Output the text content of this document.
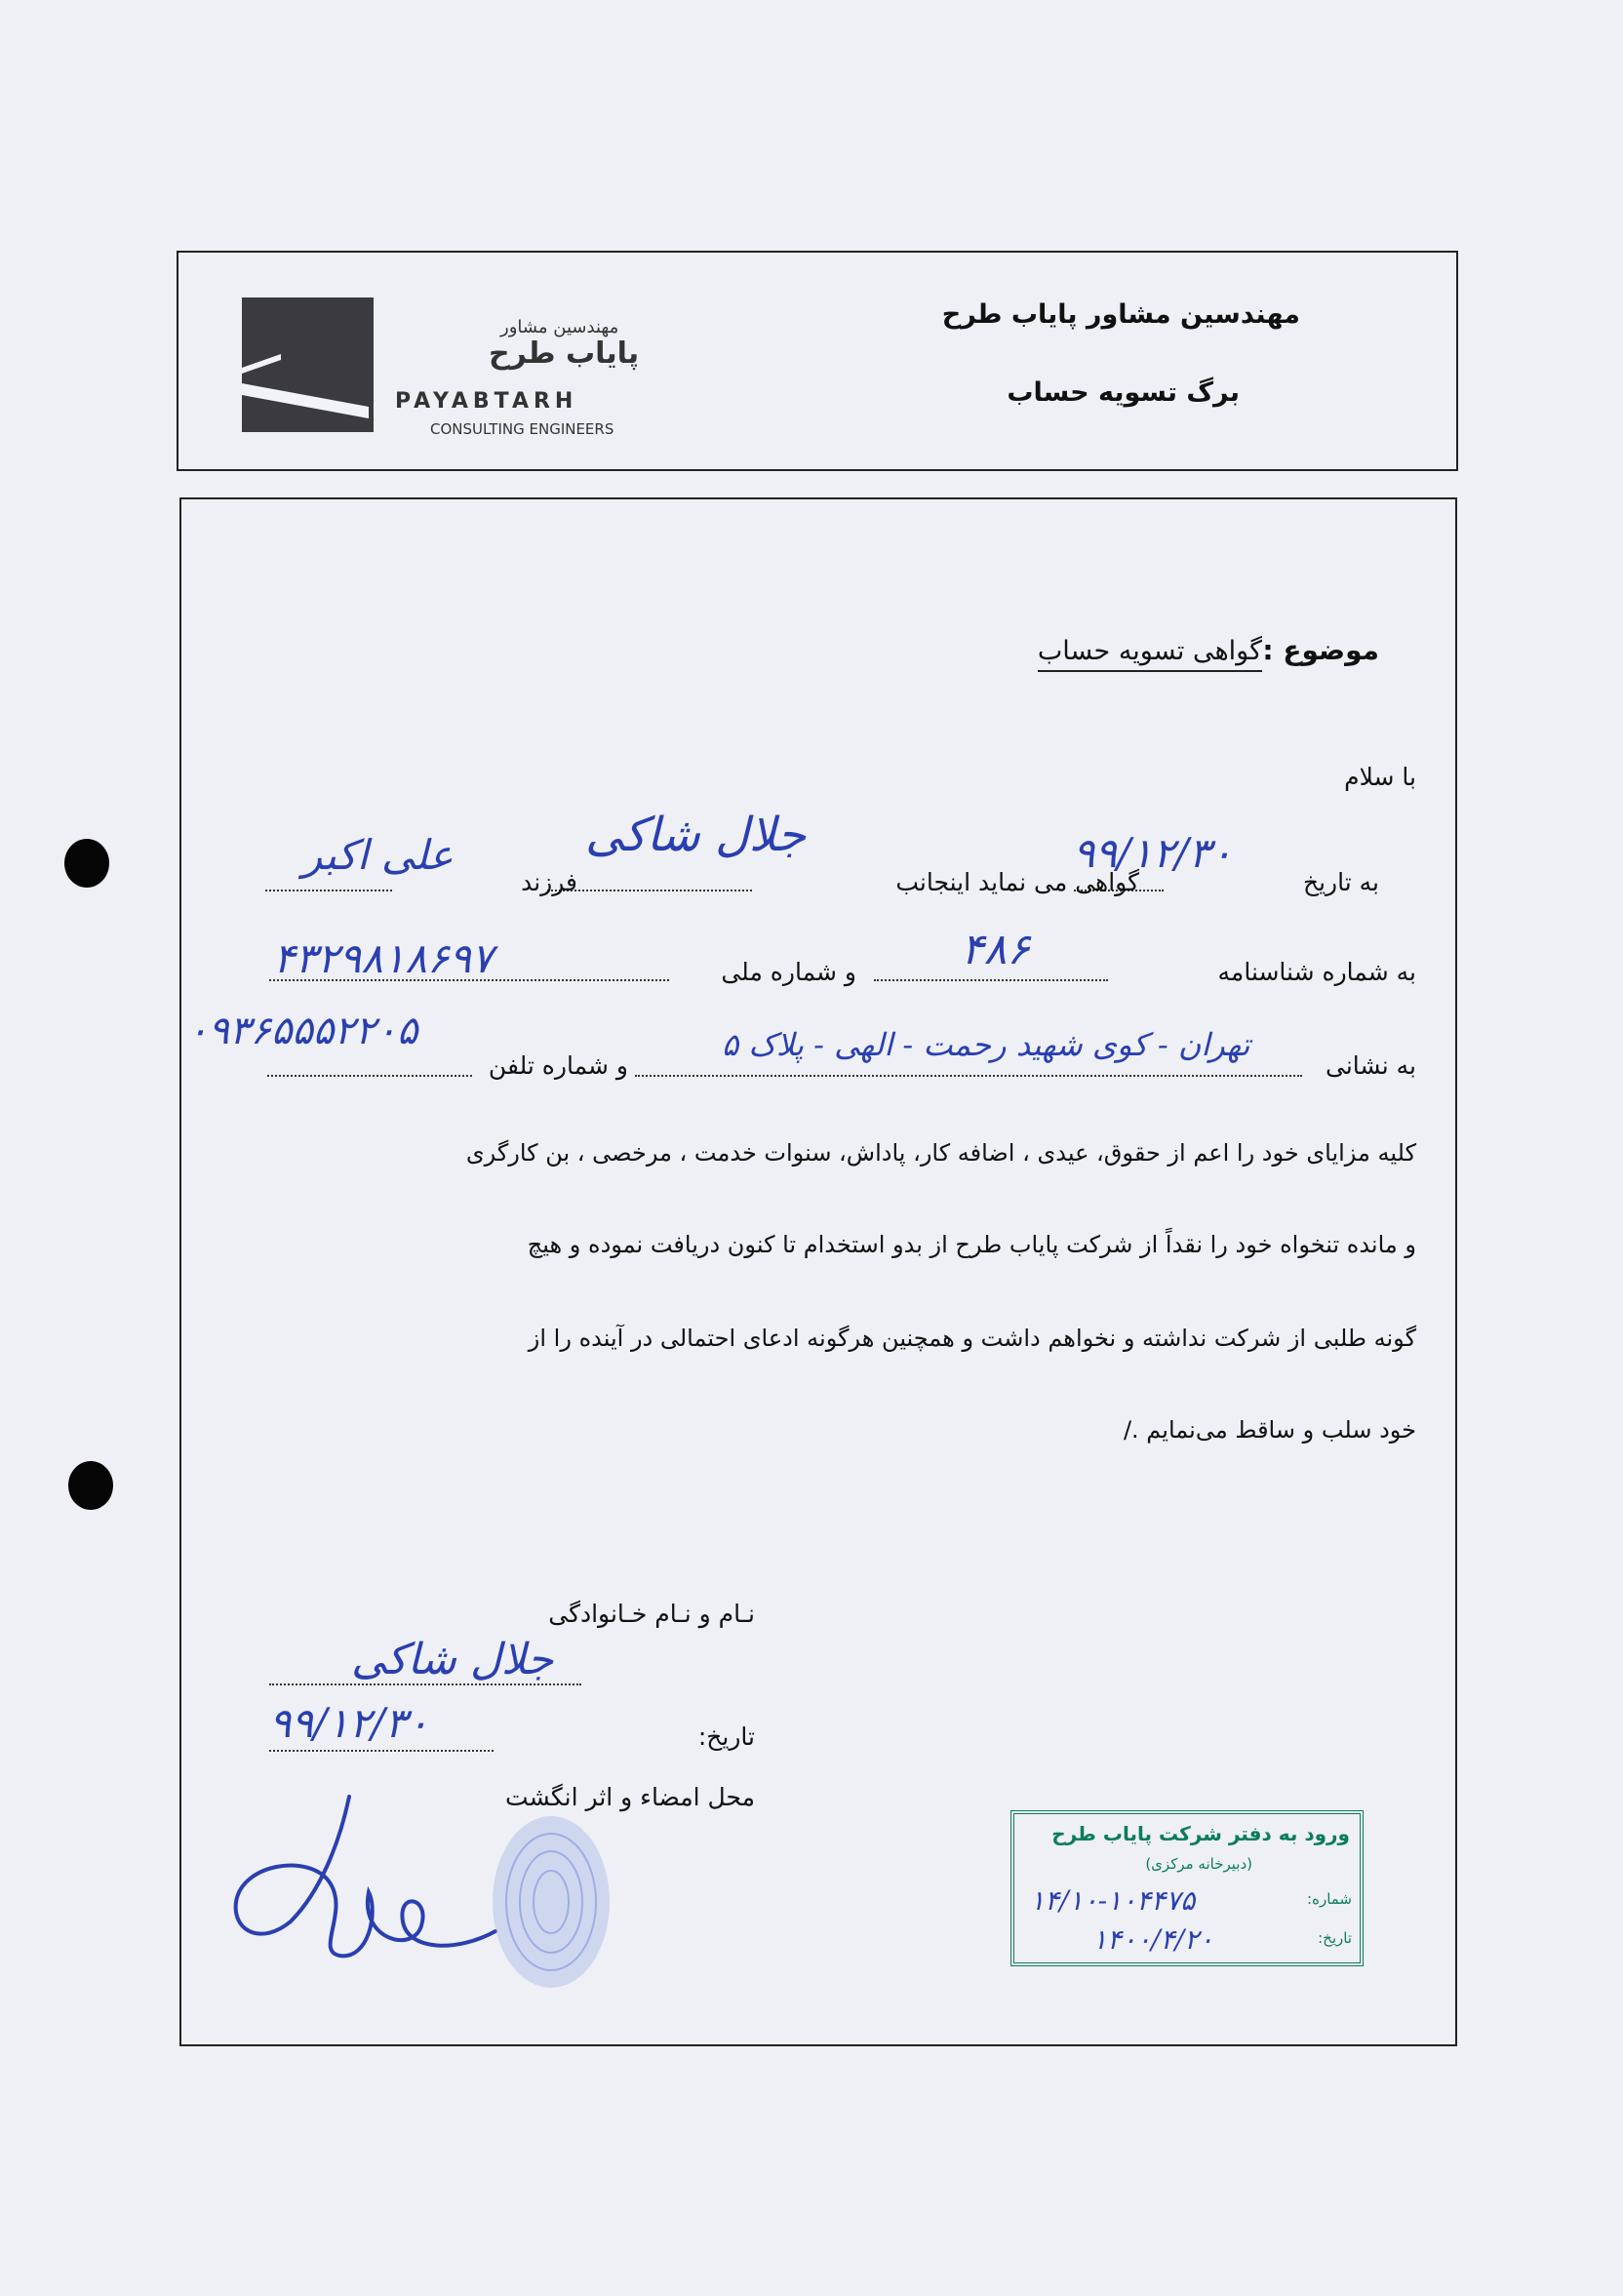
مهندسین مشاور
پایاب طرح
PAYABTARH
CONSULTING ENGINEERS
مهندسین مشاور پایاب طرح
برگ تسویه حساب
موضوع :
گواهی تسویه حساب
با سلام
به تاریخ
گواهی می نماید اینجانب
فرزند
به شماره شناسنامه
و شماره ملی
به نشانی
و شماره تلفن
کلیه مزایای خود را اعم از حقوق، عیدی ، اضافه کار، پاداش، سنوات خدمت ، مرخصی ، بن کارگری
و مانده تنخواه خود را نقداً از شرکت پایاب طرح از بدو استخدام تا کنون دریافت نموده و هیچ
گونه طلبی از شرکت نداشته و نخواهم داشت و همچنین هرگونه ادعای احتمالی در آینده را از
خود سلب و ساقط می‌نمایم ./
نـام و نـام خـانوادگی
تاریخ:
محل امضاء و اثر انگشت
۹۹/۱۲/۳۰
جلال شاکی
علی اکبر
۴۸۶
۴۳۲۹۸۱۸۶۹۷
تهران - کوی شهید رحمت - الهی - پلاک ۵
۰۹۳۶۵۵۵۲۲۰۵
جلال شاکی
۹۹/۱۲/۳۰
ورود به دفتر شرکت پایاب طرح
(دبیرخانه مرکزی)
شماره:
۱۴/۱۰-۱۰۴۴۷۵
تاریخ:
۱۴۰۰/۴/۲۰
